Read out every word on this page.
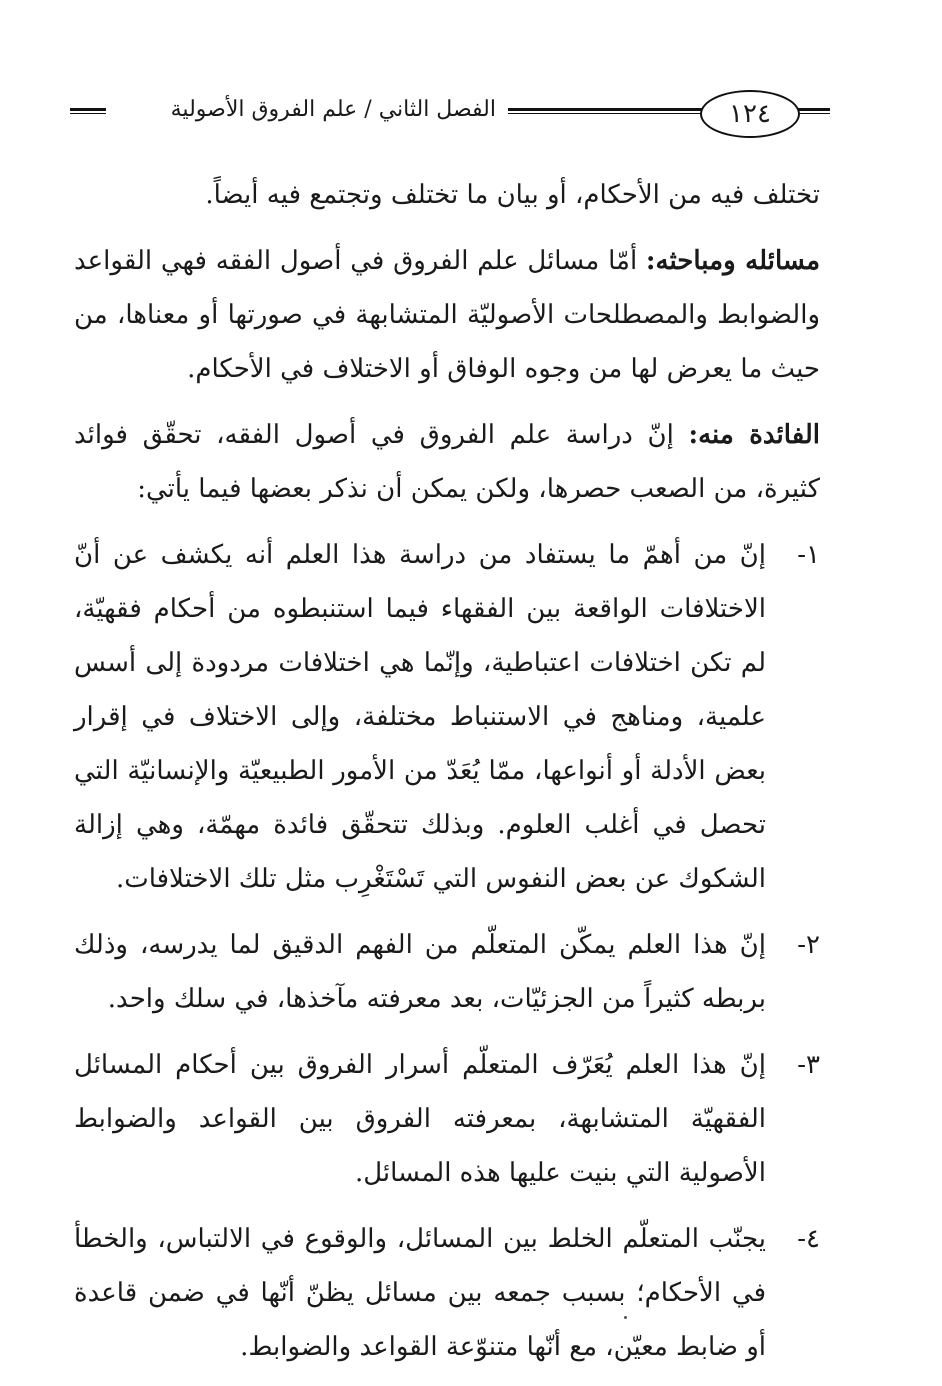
١٢٤
الفصل الثاني / علم الفروق الأصولية

تختلف فيه من الأحكام، أو بيان ما تختلف وتجتمع فيه أيضاً.

مسائله ومباحثه: أمّا مسائل علم الفروق في أصول الفقه فهي القواعد والضوابط والمصطلحات الأصوليّة المتشابهة في صورتها أو معناها، من حيث ما يعرض لها من وجوه الوفاق أو الاختلاف في الأحكام.

الفائدة منه: إنّ دراسة علم الفروق في أصول الفقه، تحقّق فوائد كثيرة، من الصعب حصرها، ولكن يمكن أن نذكر بعضها فيما يأتي:

١-
إنّ من أهمّ ما يستفاد من دراسة هذا العلم أنه يكشف عن أنّ الاختلافات الواقعة بين الفقهاء فيما استنبطوه من أحكام فقهيّة، لم تكن اختلافات اعتباطية، وإنّما هي اختلافات مردودة إلى أسس علمية، ومناهج في الاستنباط مختلفة، وإلى الاختلاف في إقرار بعض الأدلة أو أنواعها، ممّا يُعَدّ من الأمور الطبيعيّة والإنسانيّة التي تحصل في أغلب العلوم. وبذلك تتحقّق فائدة مهمّة، وهي إزالة الشكوك عن بعض النفوس التي تَسْتَغْرِب مثل تلك الاختلافات.
٢-
إنّ هذا العلم يمكّن المتعلّم من الفهم الدقيق لما يدرسه، وذلك بربطه كثيراً من الجزئيّات، بعد معرفته مآخذها، في سلك واحد.
٣-
إنّ هذا العلم يُعَرّف المتعلّم أسرار الفروق بين أحكام المسائل الفقهيّة المتشابهة، بمعرفته الفروق بين القواعد والضوابط الأصولية التي بنيت عليها هذه المسائل.
٤-
يجنّب المتعلّم الخلط بين المسائل، والوقوع في الالتباس، والخطأ في الأحكام؛ بسبب جمعه بين مسائل يظنّ أنّها في ضمن قاعدة أو ضابط معيّن، مع أنّها متنوّعة القواعد والضوابط.
